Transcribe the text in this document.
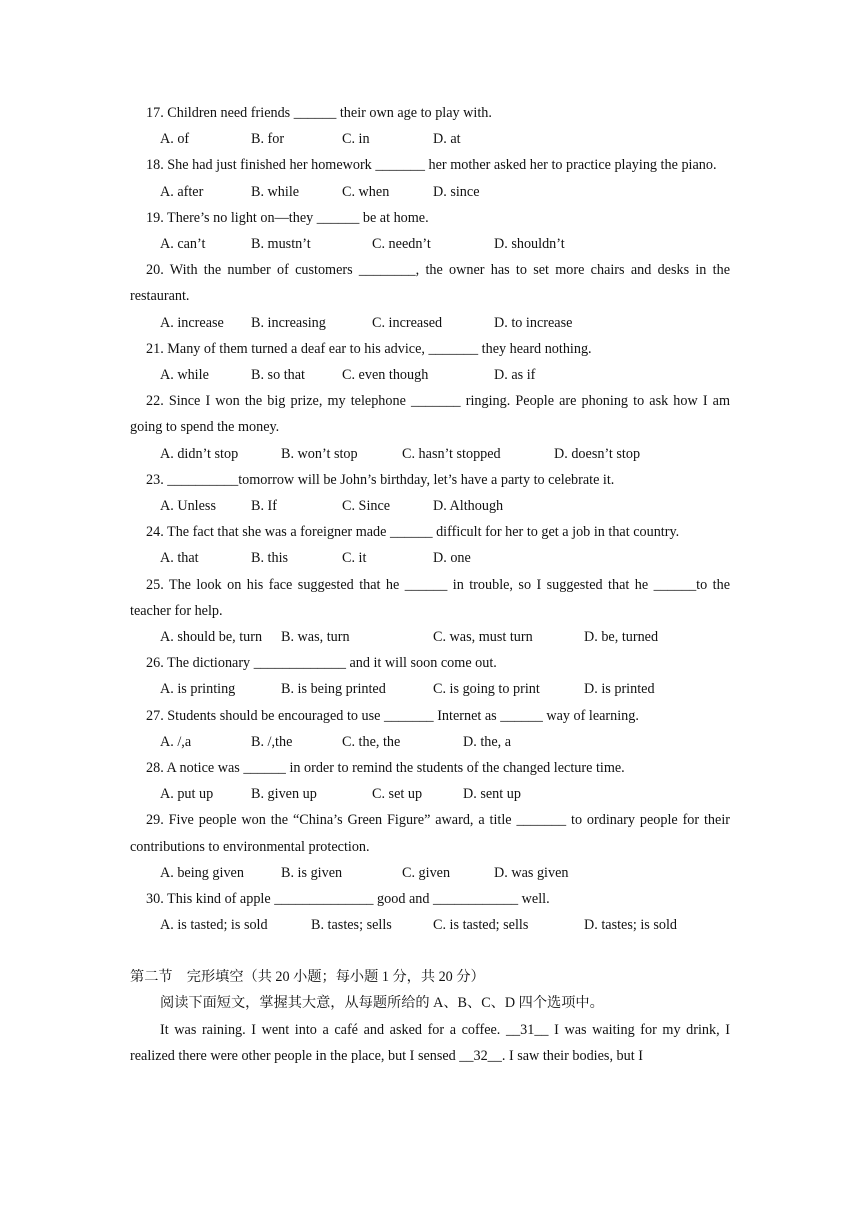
17. Children need friends ______ their own age to play with.

A. of	B. for	C. in	D. at

18. She had just finished her homework _______ her mother asked her to practice playing the piano.

A. after	B. while	C. when	D. since

19. There’s no light on—they ______ be at home.

A. can’t	B. mustn’t	C. needn’t	D. shouldn’t

20. With the number of customers ________, the owner has to set more chairs and desks in the restaurant.

A. increase B. increasing	C. increased	D. to increase

21. Many of them turned a deaf ear to his advice, _______ they heard nothing.

A. while	B. so that	C. even though	D. as if

22. Since I won the big prize, my telephone _______ ringing. People are phoning to ask how I am going to spend the money.

A. didn’t stop	B. won’t stop	C. hasn’t stopped	D. doesn’t stop

23. __________tomorrow will be John’s birthday, let’s have a party to celebrate it.

A. Unless B. If	C. Since	D. Although

24. The fact that she was a foreigner made ______ difficult for her to get a job in that country.

A. that	B. this	C. it	D. one

25. The look on his face suggested that he ______ in trouble, so I suggested that he ______to the teacher for help.

A. should be, turn B. was, turn	C. was, must turn	D. be, turned

26. The dictionary _____________ and it will soon come out.

A. is printing	B. is being printed	C. is going to print	D. is printed

27. Students should be encouraged to use _______ Internet as ______ way of learning.

A. /,a	B. /,the	C. the, the	D. the, a

28. A notice was ______ in order to remind the students of the changed lecture time.

A. put up	B. given up	C. set up	D. sent up

29. Five people won the “China’s Green Figure” award, a title _______ to ordinary people for their contributions to environmental protection.

A. being given	B. is given	C. given	D. was given

30. This kind of apple ______________ good and ____________ well.

A. is tasted; is sold	B. tastes; sells	C. is tasted; sells	D. tastes; is sold
第二节　完形填空（共 20 小题；每小题 1 分，共 20 分）

阅读下面短文，掌握其大意，从每题所给的 A、B、C、D 四个选项中。

It was raining. I went into a café and asked for a coffee. __31__ I was waiting for my drink, I realized there were other people in the place, but I sensed __32__. I saw their bodies, but I
